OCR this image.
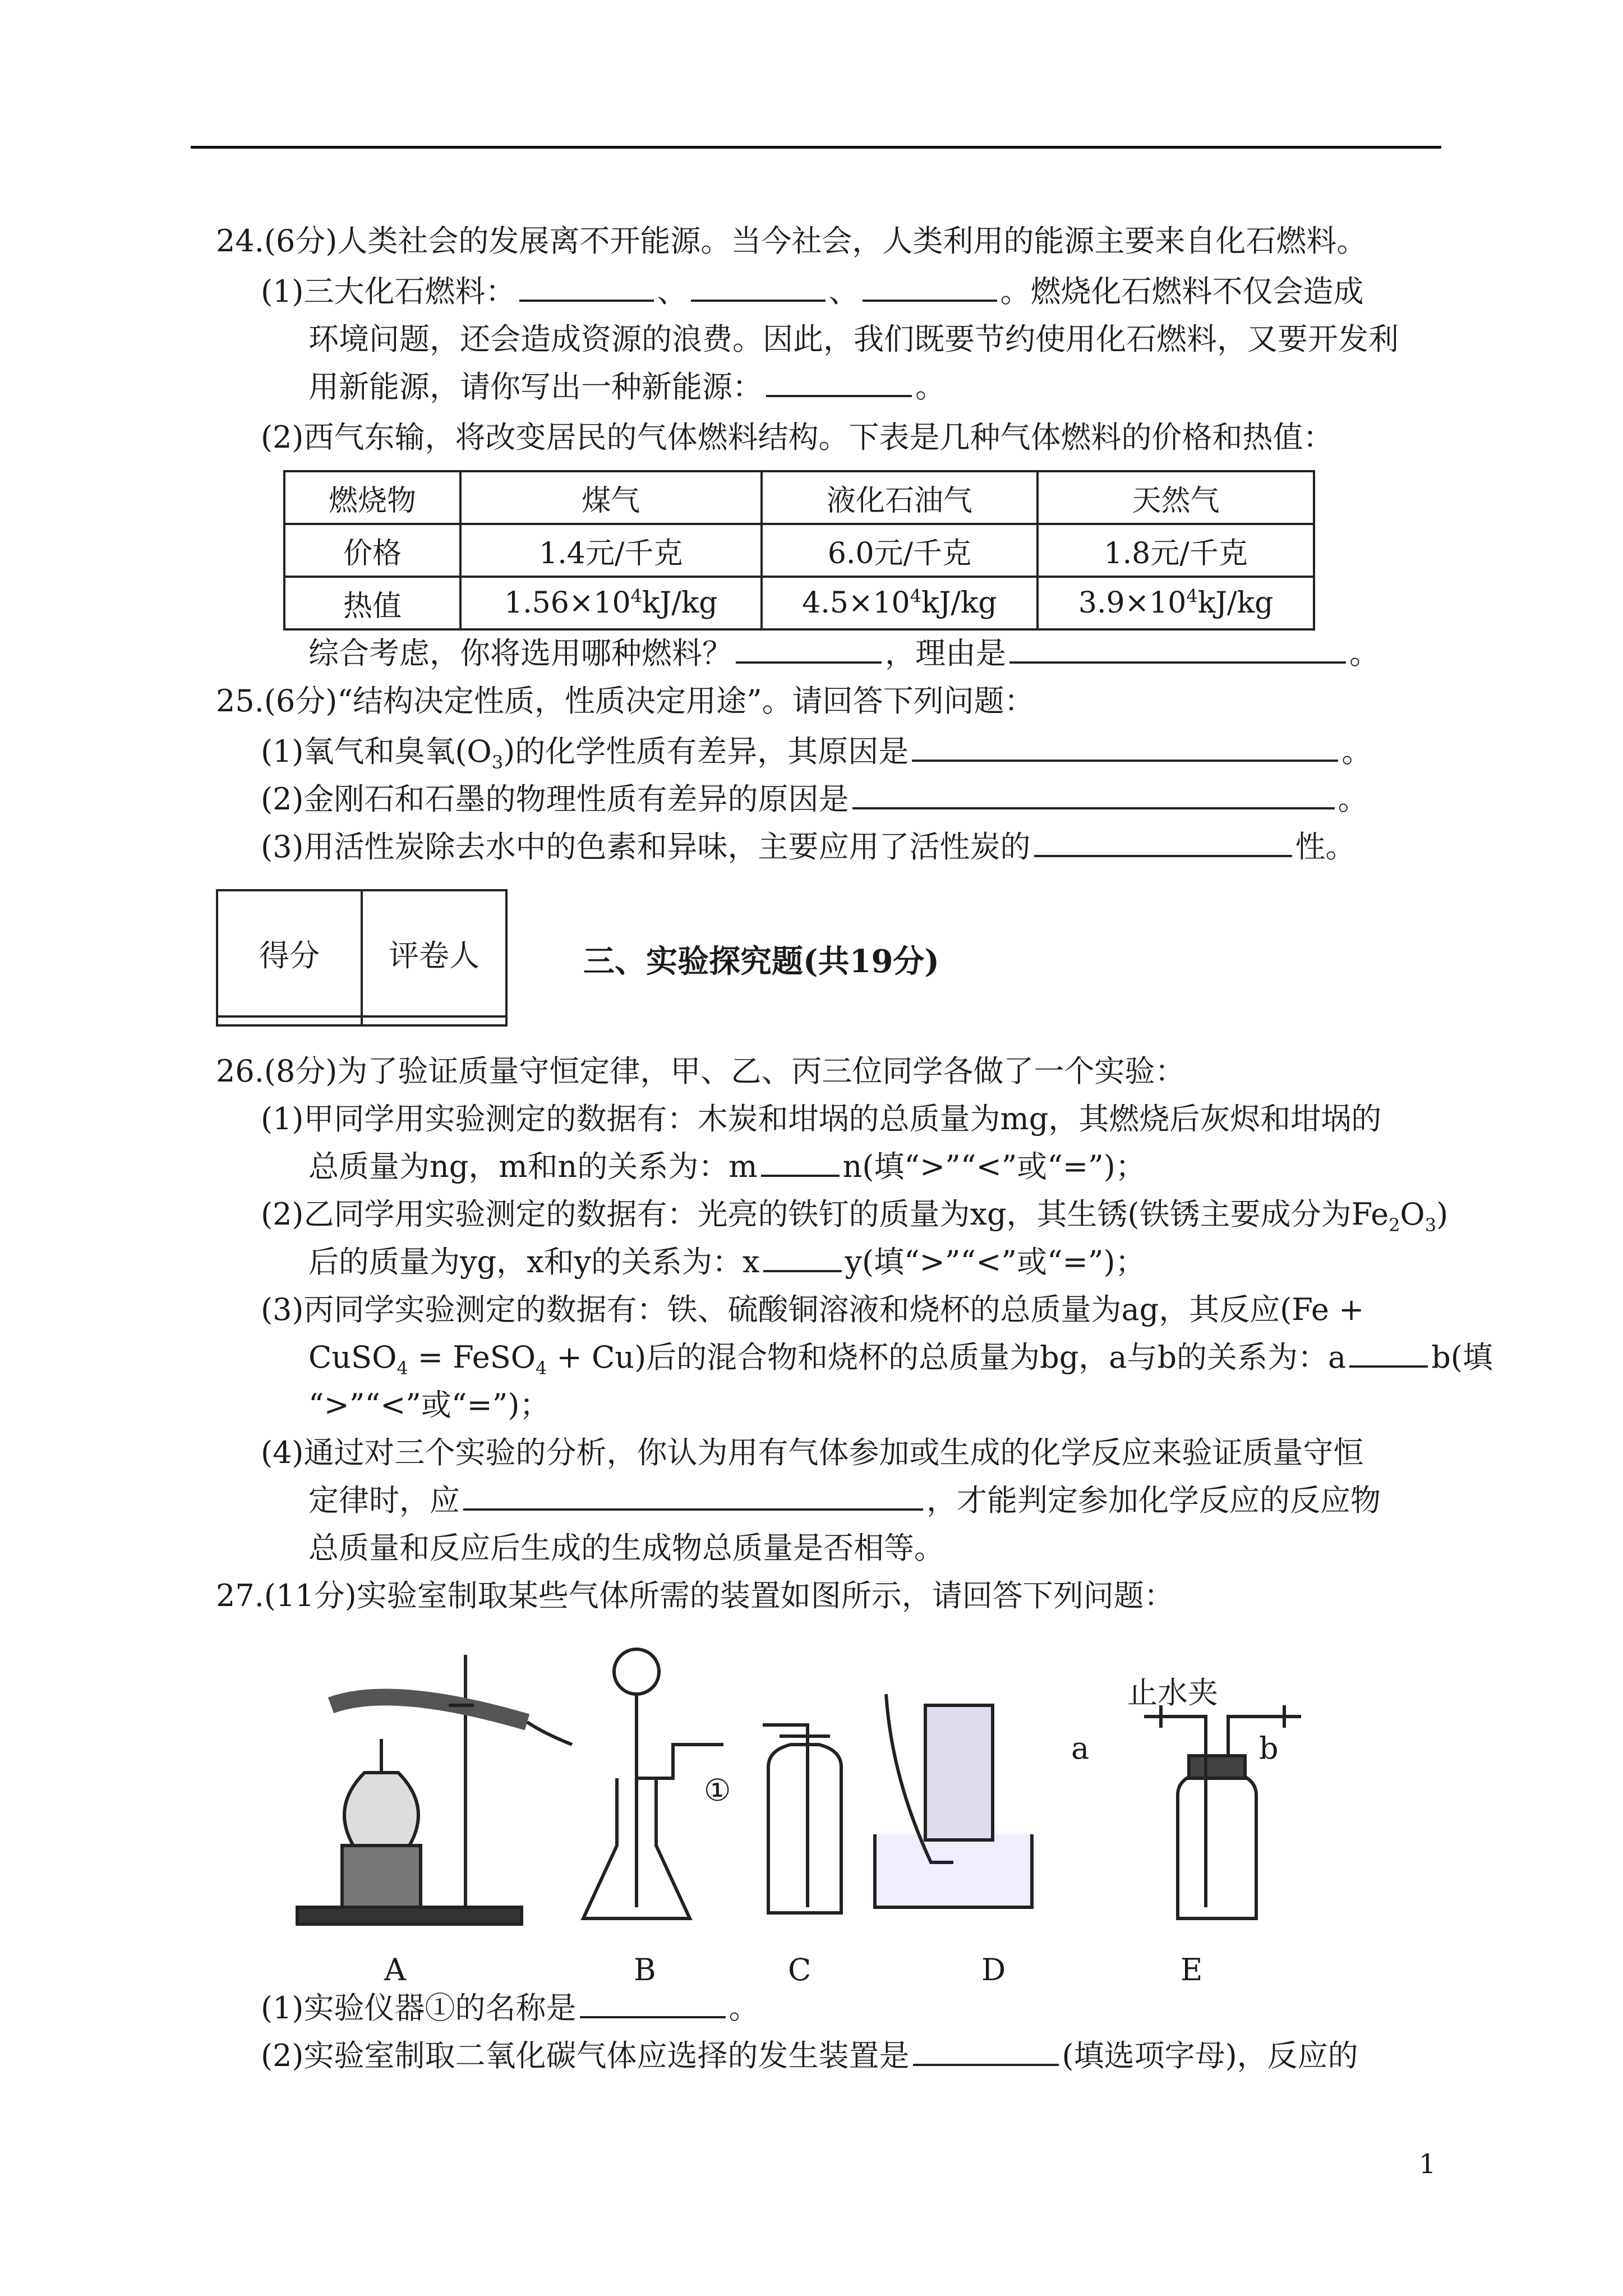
24.(6分)人类社会的发展离不开能源。当今社会，人类利用的能源主要来自化石燃料。
(1)三大化石燃料：	、	、	。燃烧化石燃料不仅会造成
环境问题，还会造成资源的浪费。因此，我们既要节约使用化石燃料，又要开发利
用新能源，请你写出一种新能源：	。
(2)西气东输，将改变居民的气体燃料结构。下表是几种气体燃料的价格和热值：
燃烧物	煤气	液化石油气	天然气
价格	1.4元/千克	6.0元/千克	1.8元/千克
热值	$1.56\times 10^4kJ/kg$	$4.5\times 10^4kJ/kg$	$3.9\times 10^4kJ/kg$
综合考虑，你将选用哪种燃料？	，理由是	。
25.(6分)“结构决定性质，性质决定用途”。请回答下列问题：
(1)氧气和臭氧$(O_3)$的化学性质有差异，其原因是	。
(2)金刚石和石墨的物理性质有差异的原因是	。
(3)用活性炭除去水中的色素和异味，主要应用了活性炭的	性。
得分	评卷人
		三、实验探究题(共19分)
26.(8分)为了验证质量守恒定律，甲、乙、丙三位同学各做了一个实验：
(1)甲同学用实验测定的数据有：木炭和坩埚的总质量为mg，其燃烧后灰烬和坩埚的
总质量为ng，m和n的关系为：m	n(填“>”“<”或“=”)；
(2)乙同学用实验测定的数据有：光亮的铁钉的质量为xg，其生锈(铁锈主要成分为$Fe_2O_3$)
后的质量为yg，x和y的关系为：x	y(填“>”“<”或“=”)；
(3)丙同学实验测定的数据有：铁、硫酸铜溶液和烧杯的总质量为ag，其反应(Fe +
CuSO$_4$ = FeSO$_4$ + Cu)后的混合物和烧杯的总质量为bg，a与b的关系为：a	b(填
“>”“<”或“=”)；
(4)通过对三个实验的分析，你认为用有气体参加或生成的化学反应来验证质量守恒
定律时，应	，才能判定参加化学反应的反应物
总质量和反应后生成的生成物总质量是否相等。
27.(11分)实验室制取某些气体所需的装置如图所示，请回答下列问题：
A	B	C	D	E
①
止水夹
a	b
(1)实验仪器①的名称是	。
(2)实验室制取二氧化碳气体应选择的发生装置是	(填选项字母)，反应的
1
